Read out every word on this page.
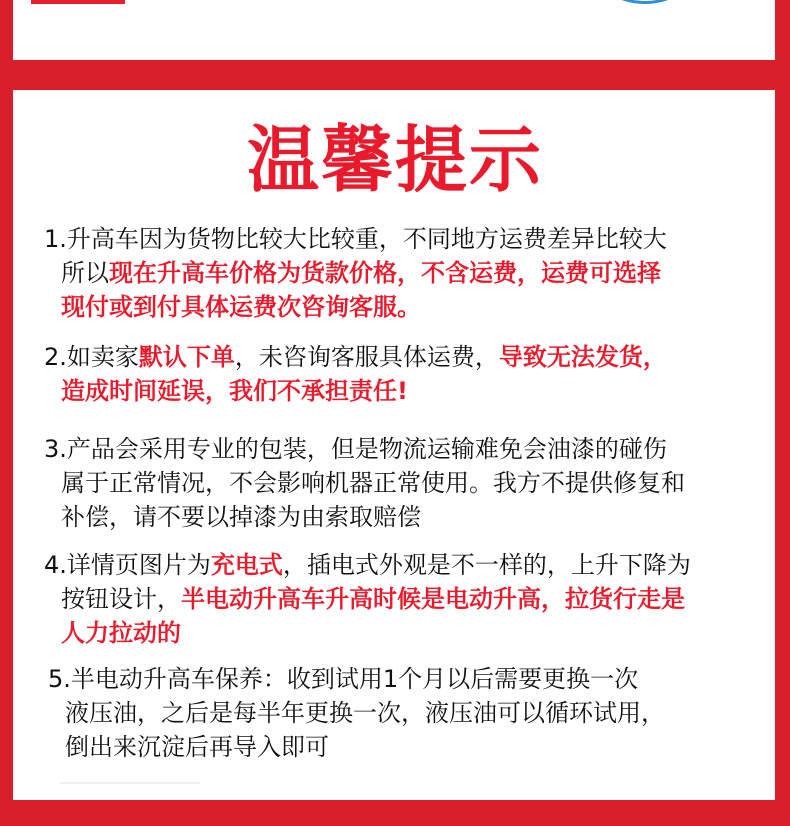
温馨提示
1.升高车因为货物比较大比较重，不同地方运费差异比较大
所以现在升高车价格为货款价格，不含运费，运费可选择
现付或到付具体运费次咨询客服。
2.如卖家默认下单，未咨询客服具体运费，导致无法发货，
造成时间延误，我们不承担责任!
3.产品会采用专业的包装，但是物流运输难免会油漆的碰伤
属于正常情况，不会影响机器正常使用。我方不提供修复和
补偿，请不要以掉漆为由索取赔偿
4.详情页图片为充电式，插电式外观是不一样的，上升下降为
按钮设计，半电动升高车升高时候是电动升高，拉货行走是
人力拉动的
5.半电动升高车保养：收到试用1个月以后需要更换一次
液压油，之后是每半年更换一次，液压油可以循环试用，
倒出来沉淀后再导入即可
